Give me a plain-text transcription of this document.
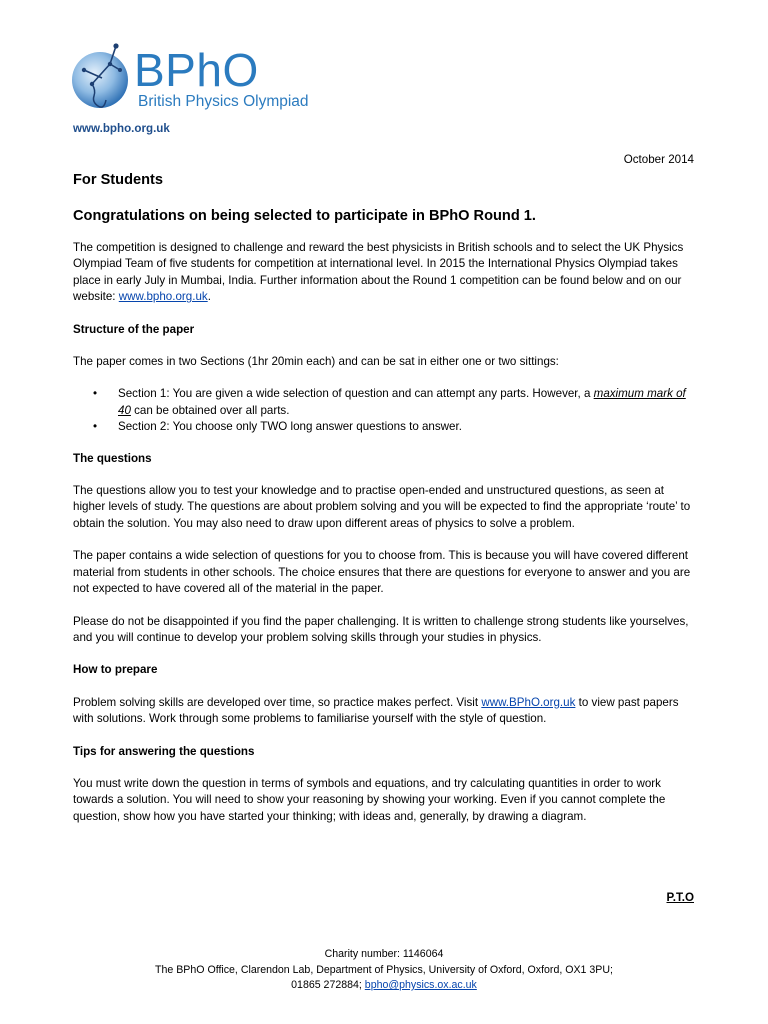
BPhO
British Physics Olympiad
www.bpho.org.uk
October 2014
For Students
Congratulations on being selected to participate in BPhO Round 1.

The competition is designed to challenge and reward the best physicists in British schools and to select the UK Physics Olympiad Team of five students for competition at international level. In 2015 the International Physics Olympiad takes place in early July in Mumbai, India. Further information about the Round 1 competition can be found below and on our website: www.bpho.org.uk.

Structure of the paper

The paper comes in two Sections (1hr 20min each) and can be sat in either one or two sittings:

• Section 1: You are given a wide selection of question and can attempt any parts. However, a maximum mark of 40 can be obtained over all parts.
• Section 2: You choose only TWO long answer questions to answer.
The questions

The questions allow you to test your knowledge and to practise open-ended and unstructured questions, as seen at higher levels of study. The questions are about problem solving and you will be expected to find the appropriate ‘route’ to obtain the solution. You may also need to draw upon different areas of physics to solve a problem.

The paper contains a wide selection of questions for you to choose from. This is because you will have covered different material from students in other schools. The choice ensures that there are questions for everyone to answer and you are not expected to have covered all of the material in the paper.

Please do not be disappointed if you find the paper challenging. It is written to challenge strong students like yourselves, and you will continue to develop your problem solving skills through your studies in physics.

How to prepare

Problem solving skills are developed over time, so practice makes perfect. Visit www.BPhO.org.uk to view past papers with solutions. Work through some problems to familiarise yourself with the style of question.

Tips for answering the questions

You must write down the question in terms of symbols and equations, and try calculating quantities in order to work towards a solution. You will need to show your reasoning by showing your working. Even if you cannot complete the question, show how you have started your thinking; with ideas and, generally, by drawing a diagram.

P.T.O
Charity number: 1146064
The BPhO Office, Clarendon Lab, Department of Physics, University of Oxford, Oxford, OX1 3PU;
01865 272884; bpho@physics.ox.ac.uk
